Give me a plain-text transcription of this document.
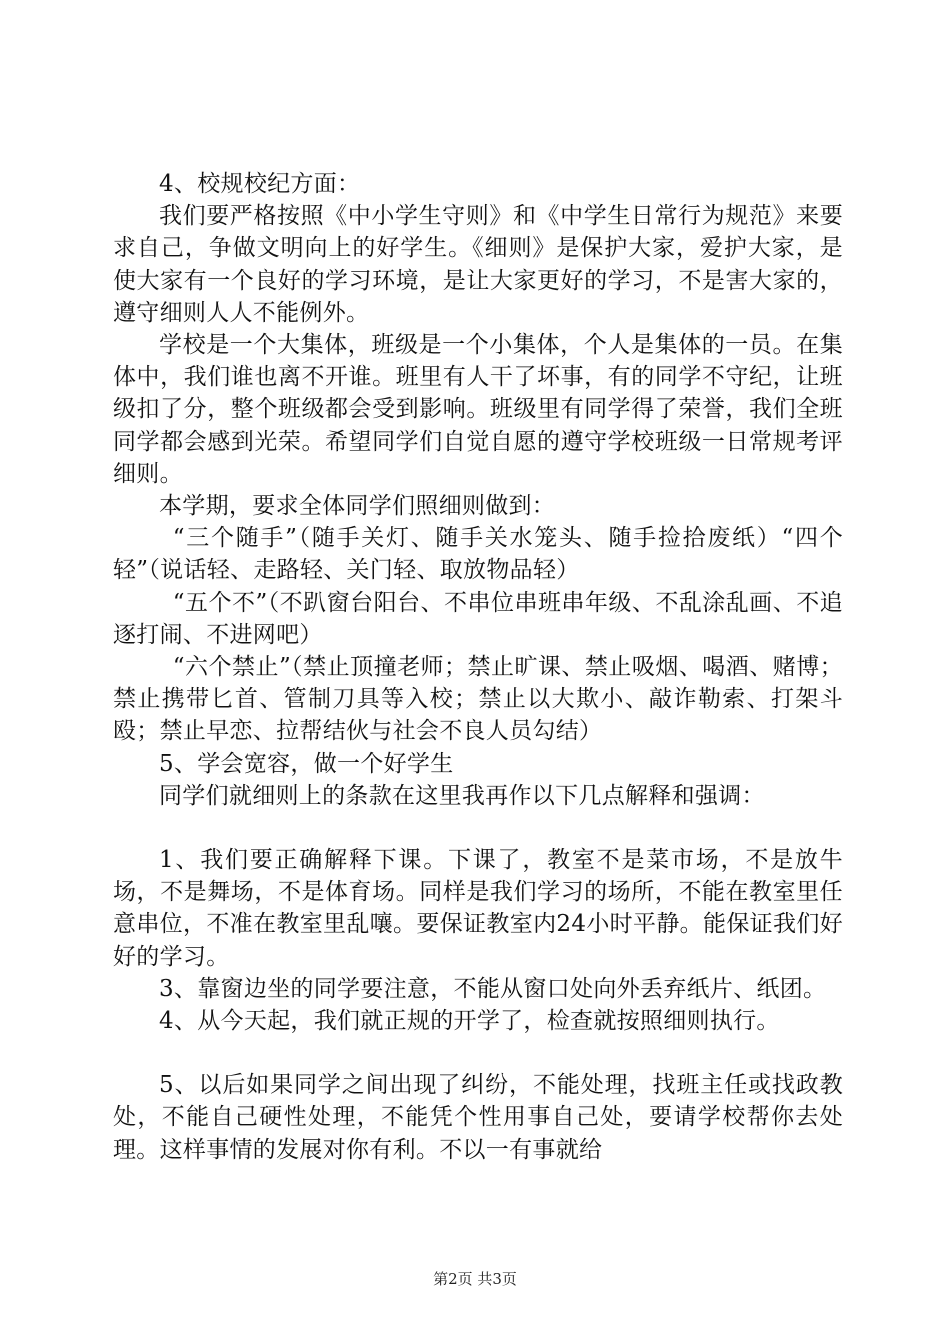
4、校规校纪方面：

我们要严格按照《中小学生守则》和《中学生日常行为规范》来要求自己，争做文明向上的好学生。《细则》是保护大家，爱护大家，是使大家有一个良好的学习环境，是让大家更好的学习，不是害大家的，遵守细则人人不能例外。

学校是一个大集体，班级是一个小集体，个人是集体的一员。在集体中，我们谁也离不开谁。班里有人干了坏事，有的同学不守纪，让班级扣了分，整个班级都会受到影响。班级里有同学得了荣誉，我们全班同学都会感到光荣。希望同学们自觉自愿的遵守学校班级一日常规考评细则。

本学期，要求全体同学们照细则做到：

“三个随手”（随手关灯、随手关水笼头、随手捡拾废纸）“四个轻”（说话轻、走路轻、关门轻、取放物品轻）

“五个不”（不趴窗台阳台、不串位串班串年级、不乱涂乱画、不追逐打闹、不进网吧）

“六个禁止”（禁止顶撞老师；禁止旷课、禁止吸烟、喝酒、赌博；禁止携带匕首、管制刀具等入校；禁止以大欺小、敲诈勒索、打架斗殴；禁止早恋、拉帮结伙与社会不良人员勾结）

5、学会宽容，做一个好学生

同学们就细则上的条款在这里我再作以下几点解释和强调：

1、我们要正确解释下课。下课了，教室不是菜市场，不是放牛场，不是舞场，不是体育场。同样是我们学习的场所，不能在教室里任意串位，不准在教室里乱嚷。要保证教室内24小时平静。能保证我们好好的学习。

3、靠窗边坐的同学要注意，不能从窗口处向外丢弃纸片、纸团。

4、从今天起，我们就正规的开学了，检查就按照细则执行。

5、以后如果同学之间出现了纠纷，不能处理，找班主任或找政教处，不能自己硬性处理，不能凭个性用事自己处，要请学校帮你去处理。这样事情的发展对你有利。不以一有事就给

第2页 共3页
